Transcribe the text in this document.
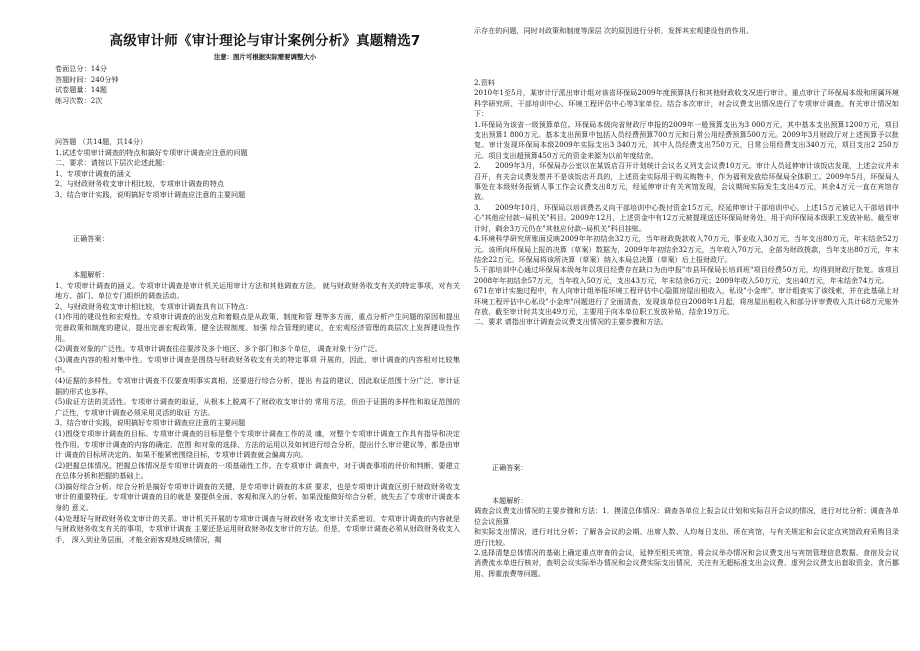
高级审计师《审计理论与审计案例分析》真题精选7
注意：图片可根据实际需要调整大小
卷面总分：14分
答题时间：240分钟
试卷题量：14题
练习次数：2次
问答题 （共14题，共14分）
1.试述专项审计调查的特点和搞好专项审计调查应注意的问题
二、要求：请按以下层次论述此题：
1、专项审计调查的涵义
2、与财政财务收支审计相比较，专项审计调查的特点
3、结合审计实践，说明搞好专项审计调查应注意的主要问题
正确答案：
本题解析：
1、专项审计调查的涵义。专项审计调查是审计机关运用审计方法和其他调查方法， 就与财政财务收支有关的特定事项，对有关地方、部门、单位专门组织的调查活动。
2、与财政财务收支审计相比较，专项审计调查具有以下特点：
(1)作用的建设性和宏观性。专项审计调查的出发点和着眼点是从政策、制度和管 理等多方面，重点分析产生问题的原因和提出完善政策和制度的建议，提出完善宏观政策、健全法规制度、加强 综合管理的建议，在宏观经济管理的高层次上发挥建设性作用。
(2)调查对象的广泛性。专项审计调查往往要涉及多个地区、多个部门和多个单位， 调查对象十分广泛。
(3)调查内容的相对集中性。专项审计调查是围绕与财政财务收支有关的特定事项 开展的，因此，审计调查的内容相对比较集中。
(4)证据的多样性。专项审计调查不仅要查明事实真相，还要进行综合分析，提出 有益的建议，因此取证范围十分广泛，审计证据的形式也多样。
(5)取证方法的灵活性。专项审计调查的取证，从根本上脱离不了财政收支审计的 常用方法，但由于证据的多样性和取证范围的广泛性，专项审计调查必须采用灵活的取证 方法。
3、结合审计实践，说明搞好专项审计调查应注意的主要问题
(1)围绕专项审计调查的目标。专项审计调查的目标是整个专项审计调查工作的灵 魂，对整个专项审计调查工作具有指导和决定性作用。专项审计调查的内容的确定、范围 和对象的选择、方法的运用以及如何进行综合分析，提出什么审计建议等，都是由审计 调查的目标所决定的。如果不能紧密围绕目标，专项审计调查就会偏离方向。
(2)把握总体情况。把握总体情况是专项审计调查的一项基础性工作。在专项审计 调查中，对于调查事项的评价和判断，要建立在总体分析和把握的基础上。
(3)搞好综合分析。综合分析是搞好专项审计调查的关键，是专项审计调查的本质 要求，也是专项审计调查区别于财政财务收支审计的重要特征。专项审计调查的目的就是 要提供全面、客观和深入的分析。如果没能做好综合分析，就失去了专项审计调查本身的 意义。
(4)处理好与财政财务收支审计的关系。审计机关开展的专项审计调查与财政财务 收支审计关系密切，专项审计调查的内容就是与财政财务收支有关的事项，专项审计调查 主要还是运用财政财务收支审计的方法。但是，专项审计调查必须从财政财务收支入手， 深入到业务层面，才能全面客观地反映情况，揭
示存在的问题，同时对政策和制度等深层 次的原因进行分析，发挥其宏观建设性的作用。
2.资料
2010年1至5月，某审计厅派出审计组对该省环保局2009年度预算执行和其他财政收支况进行审计。重点审计了环保局本级和所属环境科学研究所、干部培训中心、环境工程评估中心等3家单位。结合本次审计，对会议费支出情况进行了专项审计调查。有关审计情况如下：
1.环保局为该省一级预算单位。环保局本级向省财政厅申报的2009年一般预算支出为3 000万元，其中基本支出预算1200万元，项目支出预算1 800万元。基本支出预算中包括人员经费预算700万元和日常公用经费预算500万元。2009年3月财政厅对上述预算予以批复。审计发现环保局本级2009年实际支出3 340万元，其中人员经费支出750万元，日常公用经费支出340万元，项目支出2 250万元。项目支出超预算450万元的资金来源为以前年度结余。
2.　　2009年3月，环保局办公室以在某饭店召开计划统计会议名义列支会议费10万元。审计人员延伸审计该饭店发现，上述会议并未召开，有关会议费发票并不是该饭店开具的，上述资金实际用于购买购物卡，作为福利发放给环保局全体职工。2009年5月，环保局人事处在本级财务报销人事工作会议费支出8万元，经延伸审计有关宾馆发现，会议期间实际发生支出4万元，其余4万元一直在宾馆存放。
3.　　2009年10月，环保局以培训费名义向干部培训中心拨付资金15万元，经延伸审计干部培训中心，上述15万元被记入干部培训中心"其他应付款--局机关"科目。2009年12月，上述资金中有12万元被提现送还环保局财务处，用于向环保局本级职工发放补贴。截至审计时，剩余3万元仍在"其他应付款--局机关"科目挂账。
4.环境科学研究所账面反映2009年年初结余32万元，当年财政拨款收入70万元，事业收入30万元，当年支出80万元，年末结余52万元。该所向环保局上报的决算（草案）数据为，2009年年初结余32万元，当年收入70万元，全部为财政拨款，当年支出80万元，年末结余22万元。环保局将该所决算（草案）纳入本局总决算（草案）后上报财政厅。
5.干部培训中心通过环保局本级每年以项目经费存在缺口为由申报"市县环保局长培训班"项目经费50万元，均得到财政厅批复。该项目2008年年初结余57万元，当年收入50万元，支出43万元，年末结余6万元；2009年收入50万元，支出40万元，年末结余74万元。
671在审计实施过程中，有人向审计组举报环境工程评估中心隐匿房屋出租收入，私设"小金库"。审计组查实了该线索，并在此基础上对环境工程评估中心私设"小金库"问题进行了全面清查，发现该单位自2008年1月起，将房屋出租收入和部分评审费收入共计68万元账外存放，截至审计时共支出49万元，主要用于向本单位职工发放补贴，结余19万元。
二、要求 请指出审计调查会议费支出情况的主要步骤和方法。
正确答案：
本题解析：
调查会议费支出情况的主要步骤和方法：1．摸清总体情况：调查各单位上报会议计划和实际召开会议的情况，进行对比分析；调查各单位会议预算
和实际支出情况，进行对比分析；了解各会议的会期、出席人数、人均每日支出、所在宾馆，与有关规定和会议定点宾馆政府采购目录进行比较。
2.选择清楚总体情况的基础上确定重点审查的会议，延伸至相关宾馆，将会议举办情况和会议费支出与宾馆管理信息数据、食宿及会议消费流水单进行核对，查明会议实际举办情况和会议费实际支出情况，关注有无超标准支出会议费、虚列会议费支出套取资金、贪污挪用、挥霍浪费等问题。
